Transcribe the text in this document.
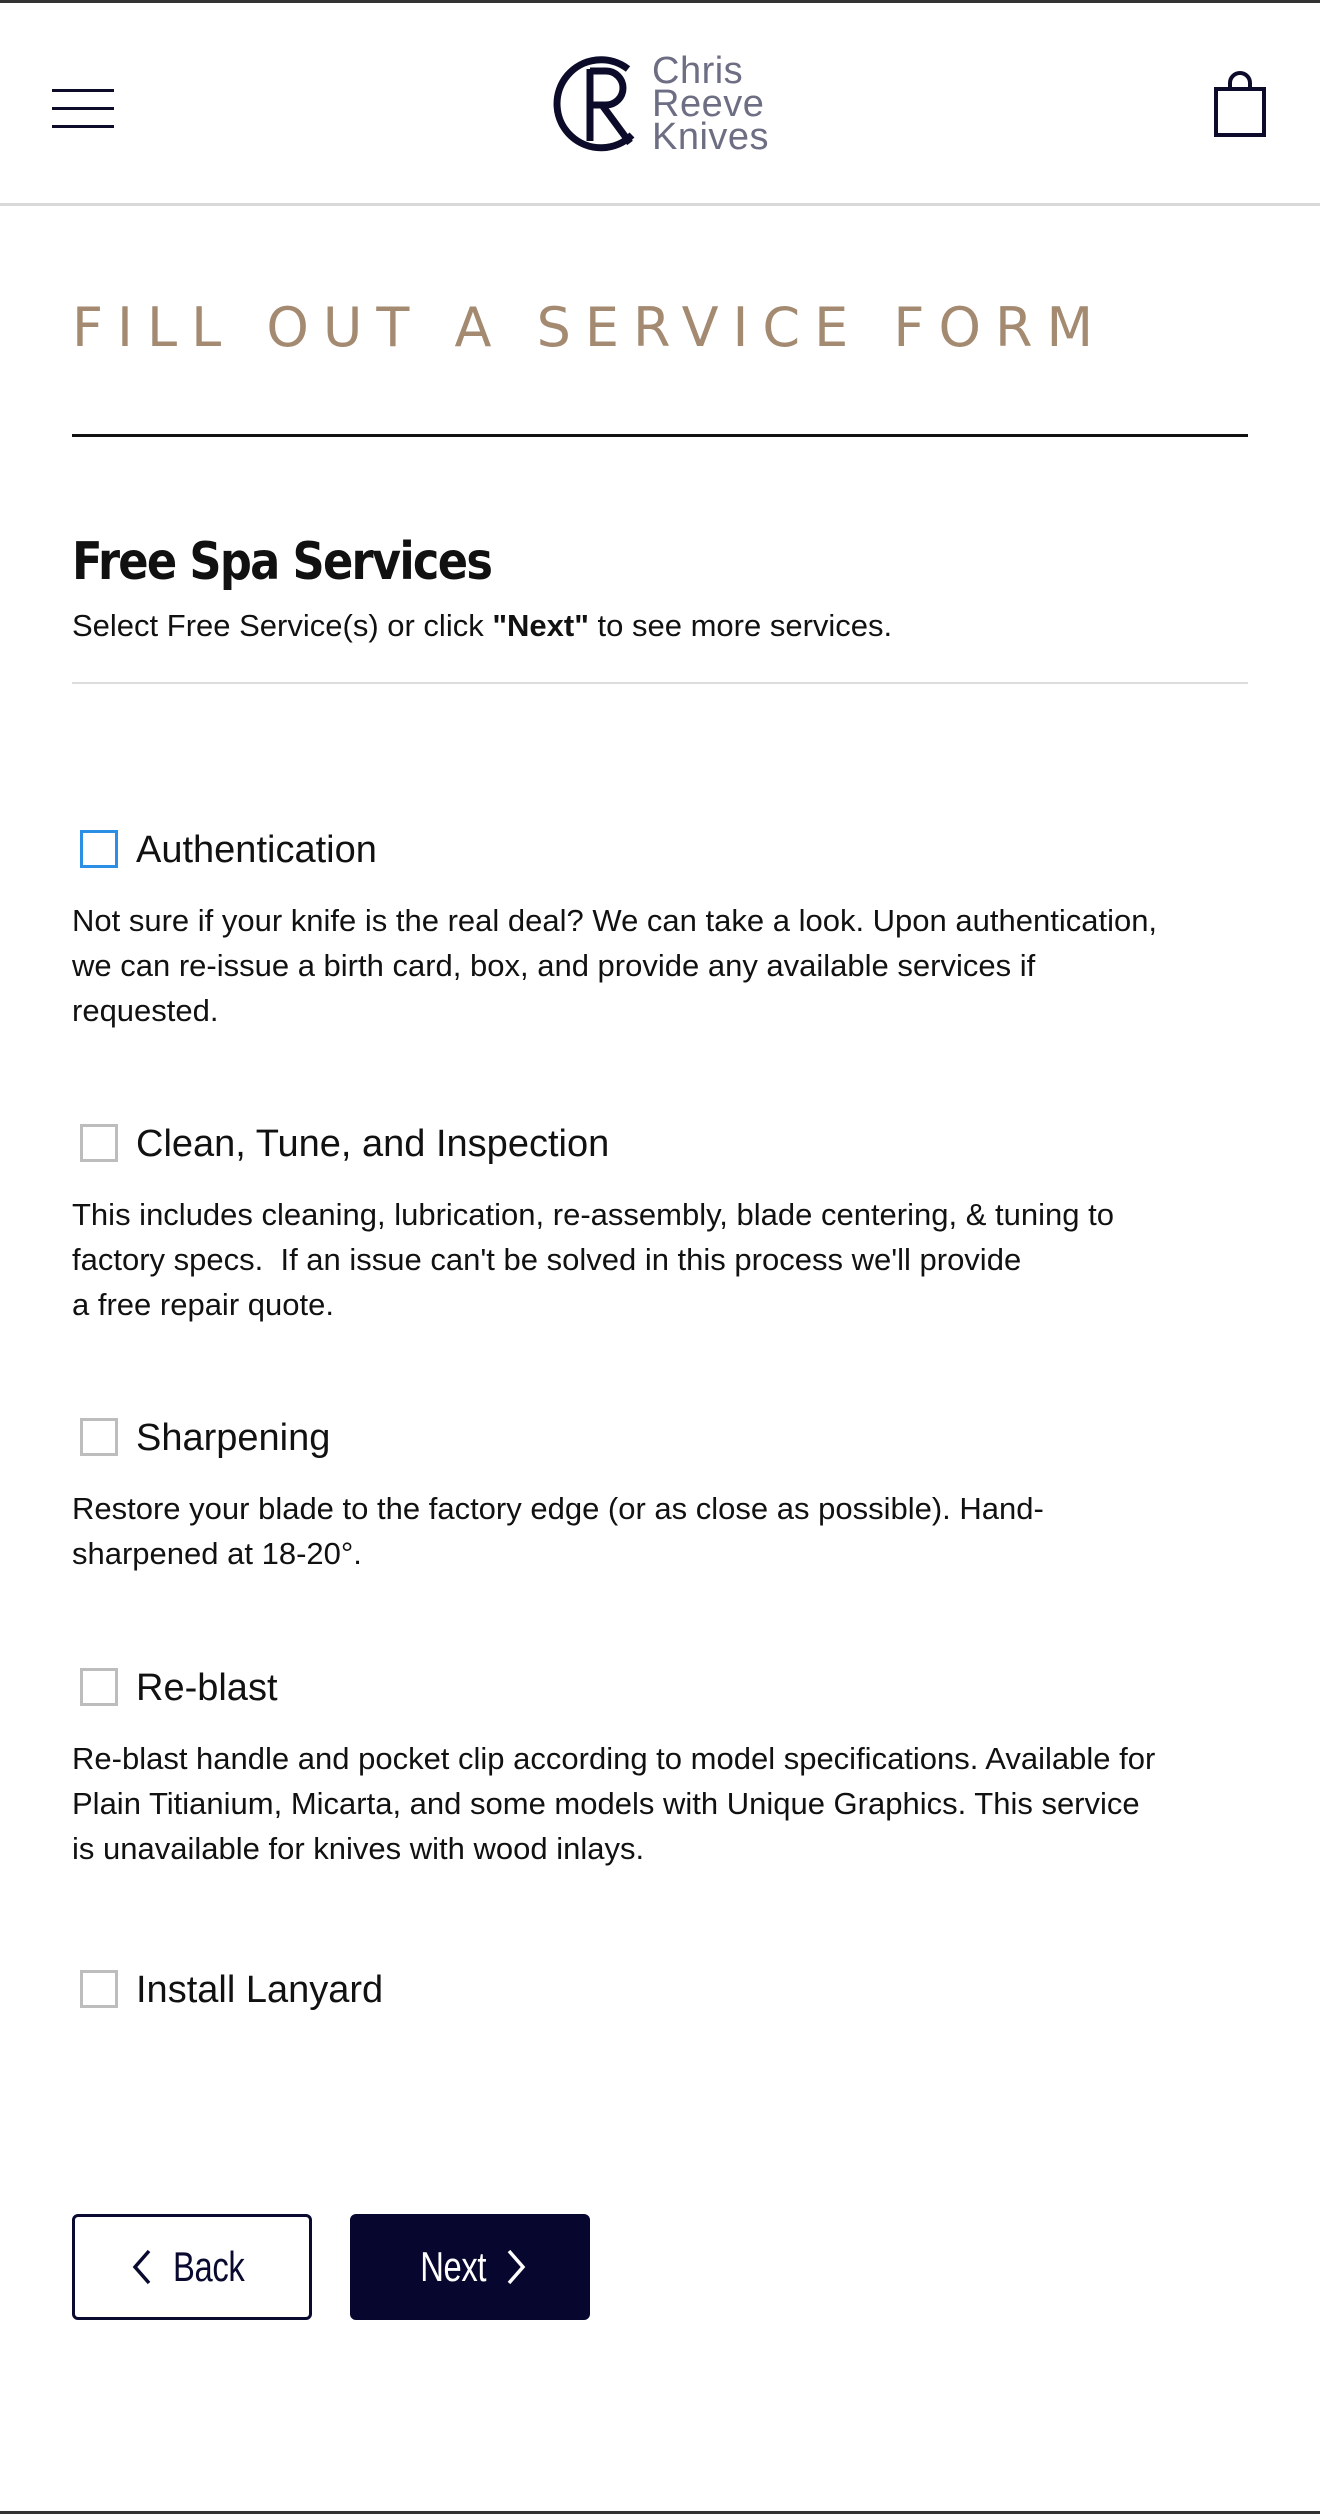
Chris
Reeve
Knives
FILL OUT A SERVICE FORM
Free Spa Services
Select Free Service(s) or click "Next" to see more services.
Authentication
Not sure if your knife is the real deal? We can take a look. Upon authentication,
we can re-issue a birth card, box, and provide any available services if
requested.
Clean, Tune, and Inspection
This includes cleaning, lubrication, re-assembly, blade centering, & tuning to
factory specs.  If an issue can't be solved in this process we'll provide
a free repair quote.
Sharpening
Restore your blade to the factory edge (or as close as possible). Hand-
sharpened at 18-20°.
Re-blast
Re-blast handle and pocket clip according to model specifications. Available for
Plain Titianium, Micarta, and some models with Unique Graphics. This service
is unavailable for knives with wood inlays.
Install Lanyard
Back	Next
